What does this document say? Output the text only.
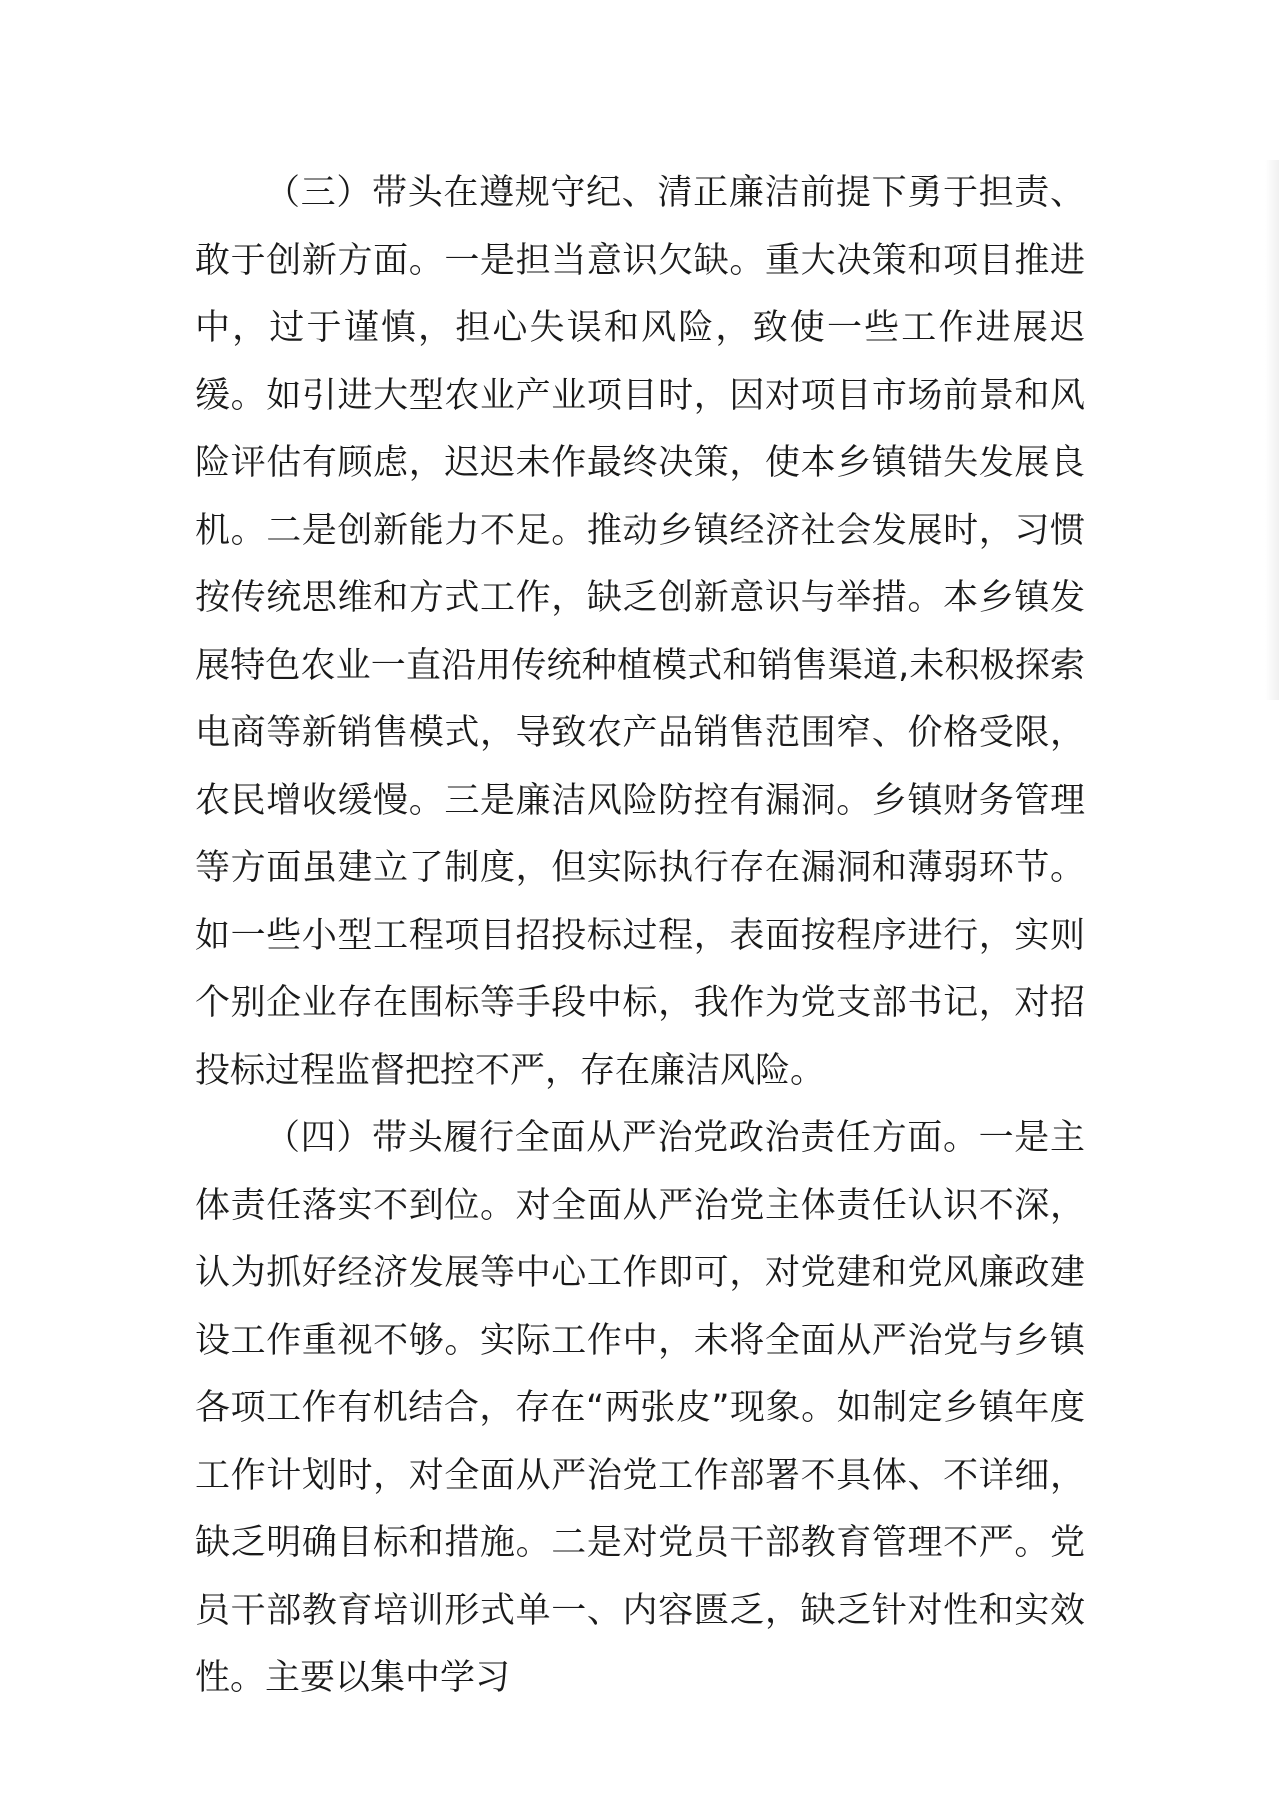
（三）带头在遵规守纪、清正廉洁前提下勇于担责、敢于创新方面。一是担当意识欠缺。重大决策和项目推进中，过于谨慎，担心失误和风险，致使一些工作进展迟缓。如引进大型农业产业项目时，因对项目市场前景和风险评估有顾虑，迟迟未作最终决策，使本乡镇错失发展良机。二是创新能力不足。推动乡镇经济社会发展时，习惯按传统思维和方式工作，缺乏创新意识与举措。本乡镇发展特色农业一直沿用传统种植模式和销售渠道,未积极探索电商等新销售模式，导致农产品销售范围窄、价格受限，农民增收缓慢。三是廉洁风险防控有漏洞。乡镇财务管理等方面虽建立了制度，但实际执行存在漏洞和薄弱环节。如一些小型工程项目招投标过程，表面按程序进行，实则个别企业存在围标等手段中标，我作为党支部书记，对招投标过程监督把控不严，存在廉洁风险。

（四）带头履行全面从严治党政治责任方面。一是主体责任落实不到位。对全面从严治党主体责任认识不深，认为抓好经济发展等中心工作即可，对党建和党风廉政建设工作重视不够。实际工作中，未将全面从严治党与乡镇各项工作有机结合，存在“两张皮”现象。如制定乡镇年度工作计划时，对全面从严治党工作部署不具体、不详细，缺乏明确目标和措施。二是对党员干部教育管理不严。党员干部教育培训形式单一、内容匮乏，缺乏针对性和实效性。主要以集中学习
